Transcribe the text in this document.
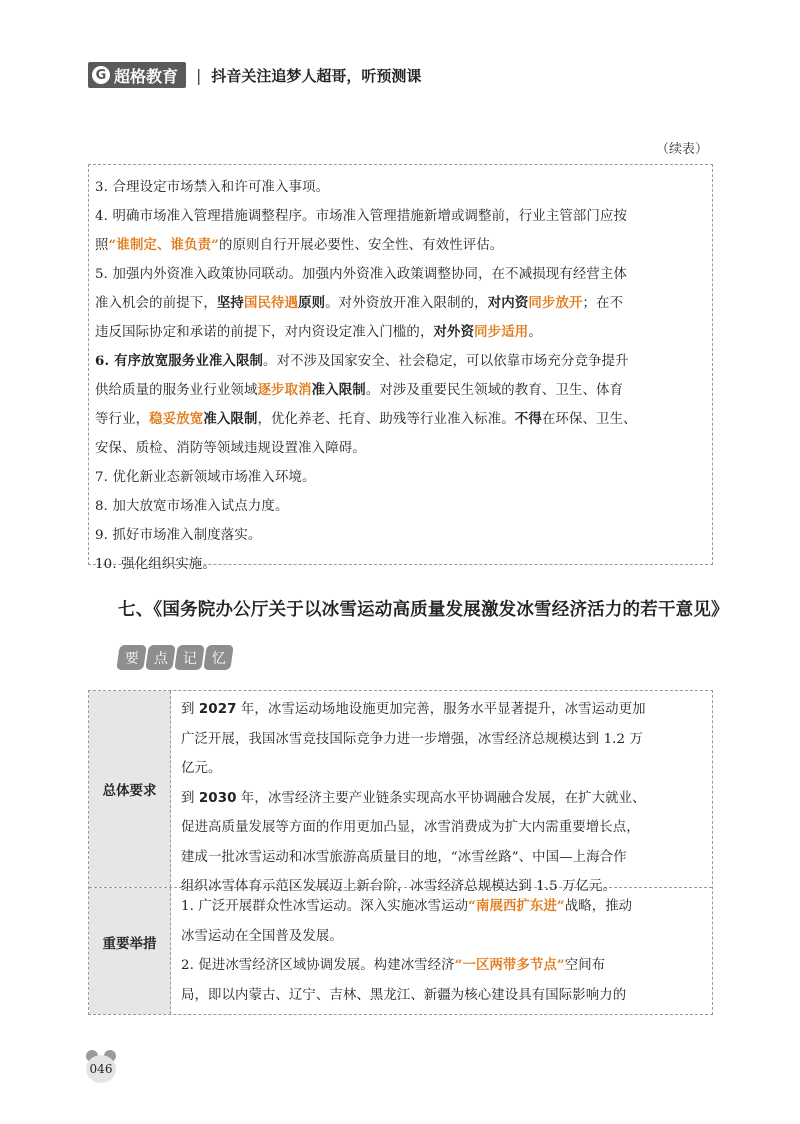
G 超格教育 | 抖音关注追梦人超哥，听预测课
（续表）
3. 合理设定市场禁入和许可准入事项。
4. 明确市场准入管理措施调整程序。市场准入管理措施新增或调整前，行业主管部门应按
照“谁制定、谁负责”的原则自行开展必要性、安全性、有效性评估。
5. 加强内外资准入政策协同联动。加强内外资准入政策调整协同，在不减损现有经营主体
准入机会的前提下，坚持国民待遇原则。对外资放开准入限制的，对内资同步放开；在不
违反国际协定和承诺的前提下，对内资设定准入门槛的，对外资同步适用。
6. 有序放宽服务业准入限制。对不涉及国家安全、社会稳定，可以依靠市场充分竞争提升
供给质量的服务业行业领域逐步取消准入限制。对涉及重要民生领域的教育、卫生、体育
等行业，稳妥放宽准入限制，优化养老、托育、助残等行业准入标准。不得在环保、卫生、
安保、质检、消防等领域违规设置准入障碍。
7. 优化新业态新领域市场准入环境。
8. 加大放宽市场准入试点力度。
9. 抓好市场准入制度落实。
10. 强化组织实施。
七、《国务院办公厅关于以冰雪运动高质量发展激发冰雪经济活力的若干意见》
要 点 记 忆
总体要求
到 2027 年，冰雪运动场地设施更加完善，服务水平显著提升，冰雪运动更加
广泛开展，我国冰雪竞技国际竞争力进一步增强，冰雪经济总规模达到 1.2 万
亿元。
到 2030 年，冰雪经济主要产业链条实现高水平协调融合发展，在扩大就业、
促进高质量发展等方面的作用更加凸显，冰雪消费成为扩大内需重要增长点，
建成一批冰雪运动和冰雪旅游高质量目的地，“冰雪丝路”、中国—上海合作
组织冰雪体育示范区发展迈上新台阶，冰雪经济总规模达到 1.5 万亿元。
重要举措
1. 广泛开展群众性冰雪运动。深入实施冰雪运动“南展西扩东进”战略，推动
冰雪运动在全国普及发展。
2. 促进冰雪经济区域协调发展。构建冰雪经济“一区两带多节点”空间布
局，即以内蒙古、辽宁、吉林、黑龙江、新疆为核心建设具有国际影响力的
046
